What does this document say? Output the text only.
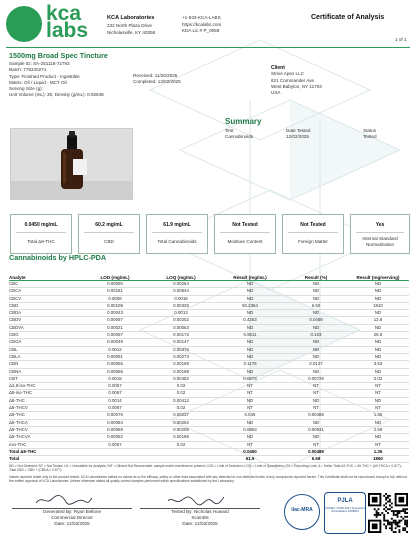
kca
labs
KCA Laboratories
232 North Plaza Drive
Nicholasville, KY 40356
+1-833-KCA-LABS
https://kcalabs.com
KDA Lic.# P_0058
Certificate of Analysis
1 of 1
1500mg Broad Spec Tincture
Sample ID: SA-251118-72793
Batch: 778240271
Type: Finished Product - Ingestible
Matrix: Oil / Liquid - MCT Oil
Serving Size (g):
Unit Volume (mL): 30, Density (g/mL): 0.92648
Received: 11/20/2025
Completed: 12/02/2025
Client
Strive Apex LLC
621 Commander Ave
West Babylon, NY 11704
USA
Summary
Test
Cannabinoids
Date Tested
12/02/2025
Status
Tested
0.0450 mg/mL
Total Δ9-THC
60.2 mg/mL
CBD
61.9 mg/mL
Total Cannabinoids
Not Tested
Moisture Content
Not Tested
Foreign Matter
Yes
Internal Standard Normalization
Cannabinoids by HPLC-PDA
Analyte	LOD (mg/mL)	LOQ (mg/mL)	Result (mg/mL)	Result (%)	Result (mg/serving)
CBC	0.00090	0.00264	ND	ND	ND
CBCA	0.00181	0.00544	ND	ND	ND
CBCV	0.0006	0.0018	ND	ND	ND
CBD	0.00108	0.00325	60.2364	6.50	1810
CBDA	0.00043	0.0013	ND	ND	ND
CBDV	0.00067	0.00202	0.4253	0.0459	12.8
CBDVA	0.00021	0.00063	ND	ND	ND
CBG	0.00057	0.00172	0.9511	0.103	28.5
CBGA	0.00049	0.00147	ND	ND	ND
CBL	0.0012	0.00376	ND	ND	ND
CBLA	0.00091	0.00273	ND	ND	ND
CBN	0.00056	0.00169	0.1178	0.0127	3.53
CBNA	0.00066	0.00198	ND	ND	ND
CBT	0.0015	0.00452	0.0673	0.00726	2.02
Δ4,8-iso-THC	0.0067	0.02	NT	NT	NT
Δ8-iso-THC	0.0067	0.02	NT	NT	NT
Δ8-THC	0.0014	0.00412	ND	ND	ND
Δ8-THCV	0.0067	0.02	NT	NT	NT
Δ9-THC	0.00076	0.00237	0.045	0.00486	1.35
Δ9-THCA	0.00084	0.00252	ND	ND	ND
Δ9-THCV	0.00069	0.00206	0.0863	0.00931	2.59
Δ9-THCVA	0.00062	0.00186	ND	ND	ND
exo-THC	0.0067	0.02	NT	NT	NT
Total Δ9-THC			0.0450	0.00486	1.35
Total			61.9	6.68	1860
ND = Not Detected; NT = Not Tested; LN = Unsuitable for Analysis; INF = Diluted Not Recoverable; sample matrix interference present; LOD = Limit of Detection; LOQ = Limit of Quantitation; RL = Reporting Limit; Δ = Delta; Total Δ9-THC = Δ9-THC + (Δ9-THCA × 0.877); Total CBD = CBD + (CBDA × 0.877)
Values reported relate only to the product tested. KCA Laboratories makes no claims as to the efficacy, safety or other risks associated with any detected or non-detected levels of any compounds reported herein. This Certificate shall not be reproduced except in full, without the written approval of KCA Laboratories. Unless otherwise stated all quality control samples performed within specifications established by the Laboratory.
Generated By: Ryan Bellone
Commercial Director
Date: 12/02/2025
Tested By: Nicholas Howard
Scientist
Date: 12/02/2025
ilac-MRA
PJLA
ISO/IEC 17025:2017 Accredited
Accreditation #108651
